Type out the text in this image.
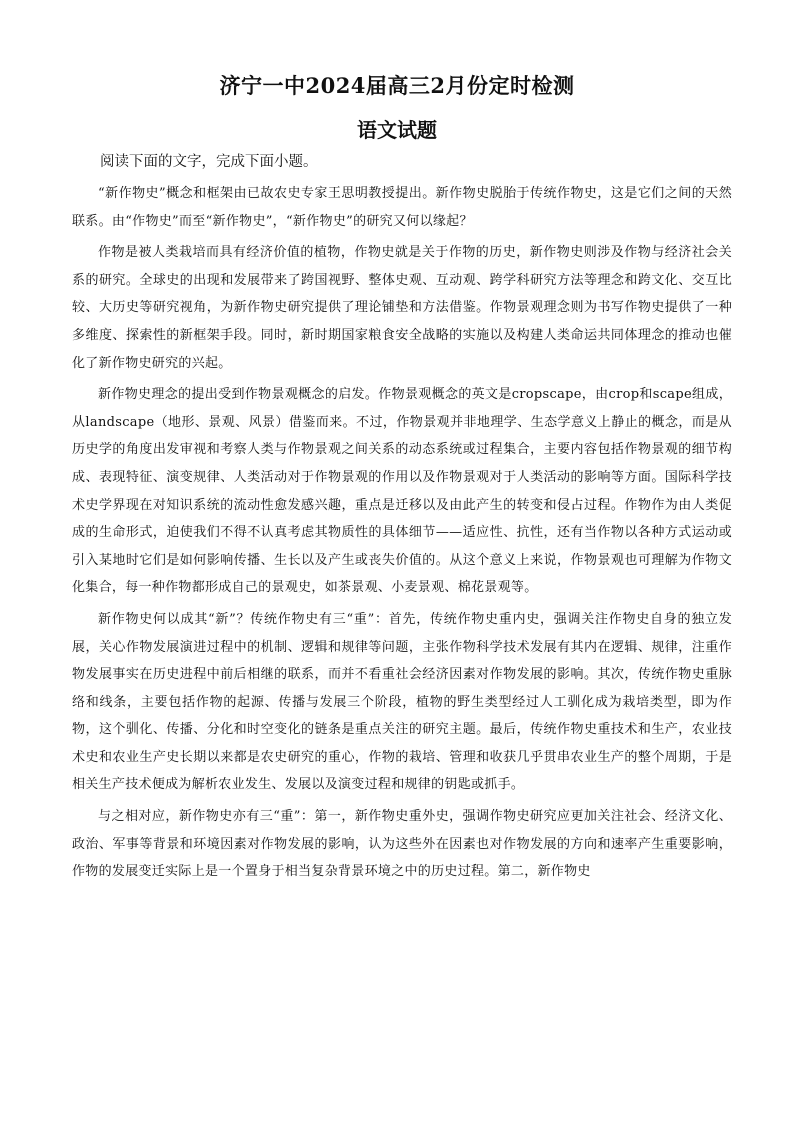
济宁一中2024届高三2月份定时检测
语文试题
阅读下面的文字，完成下面小题。

“新作物史”概念和框架由已故农史专家王思明教授提出。新作物史脱胎于传统作物史，这是它们之间的天然联系。由“作物史”而至“新作物史”，“新作物史”的研究又何以缘起？

作物是被人类栽培而具有经济价值的植物，作物史就是关于作物的历史，新作物史则涉及作物与经济社会关系的研究。全球史的出现和发展带来了跨国视野、整体史观、互动观、跨学科研究方法等理念和跨文化、交互比较、大历史等研究视角，为新作物史研究提供了理论铺垫和方法借鉴。作物景观理念则为书写作物史提供了一种多维度、探索性的新框架手段。同时，新时期国家粮食安全战略的实施以及构建人类命运共同体理念的推动也催化了新作物史研究的兴起。

新作物史理念的提出受到作物景观概念的启发。作物景观概念的英文是cropscape，由crop和scape组成，从landscape（地形、景观、风景）借鉴而来。不过，作物景观并非地理学、生态学意义上静止的概念，而是从历史学的角度出发审视和考察人类与作物景观之间关系的动态系统或过程集合，主要内容包括作物景观的细节构成、表现特征、演变规律、人类活动对于作物景观的作用以及作物景观对于人类活动的影响等方面。国际科学技术史学界现在对知识系统的流动性愈发感兴趣，重点是迁移以及由此产生的转变和侵占过程。作物作为由人类促成的生命形式，迫使我们不得不认真考虑其物质性的具体细节——适应性、抗性，还有当作物以各种方式运动或引入某地时它们是如何影响传播、生长以及产生或丧失价值的。从这个意义上来说，作物景观也可理解为作物文化集合，每一种作物都形成自己的景观史，如茶景观、小麦景观、棉花景观等。

新作物史何以成其“新”？传统作物史有三“重”：首先，传统作物史重内史，强调关注作物史自身的独立发展，关心作物发展演进过程中的机制、逻辑和规律等问题，主张作物科学技术发展有其内在逻辑、规律，注重作物发展事实在历史进程中前后相继的联系，而并不看重社会经济因素对作物发展的影响。其次，传统作物史重脉络和线条，主要包括作物的起源、传播与发展三个阶段，植物的野生类型经过人工驯化成为栽培类型，即为作物，这个驯化、传播、分化和时空变化的链条是重点关注的研究主题。最后，传统作物史重技术和生产，农业技术史和农业生产史长期以来都是农史研究的重心，作物的栽培、管理和收获几乎贯串农业生产的整个周期，于是相关生产技术便成为解析农业发生、发展以及演变过程和规律的钥匙或抓手。

与之相对应，新作物史亦有三“重”：第一，新作物史重外史，强调作物史研究应更加关注社会、经济文化、政治、军事等背景和环境因素对作物发展的影响，认为这些外在因素也对作物发展的方向和速率产生重要影响，作物的发展变迁实际上是一个置身于相当复杂背景环境之中的历史过程。第二，新作物史
